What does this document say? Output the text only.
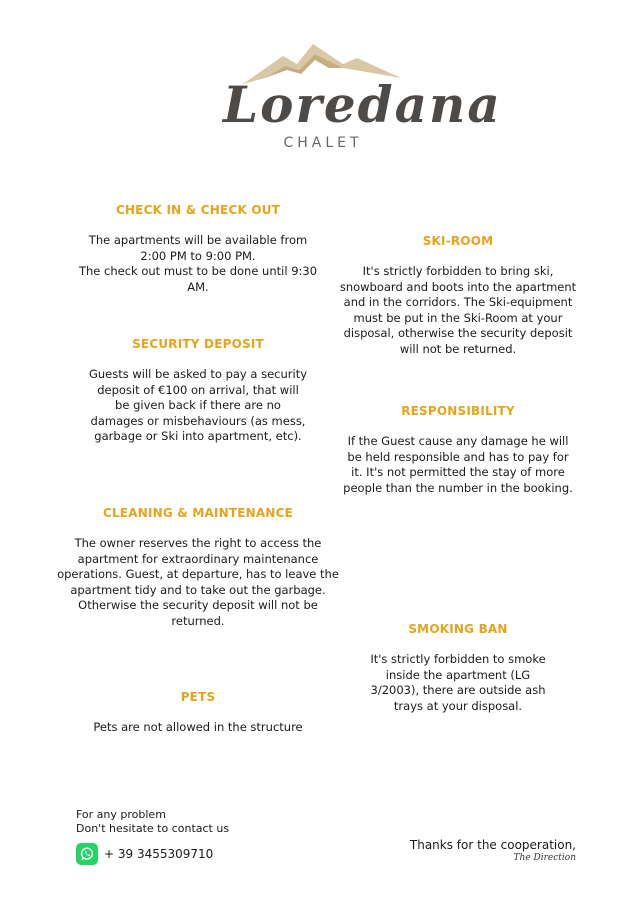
Loredana
CHALET
CHECK IN & CHECK OUT

The apartments will be available from
2:00 PM to 9:00 PM.
The check out must to be done until 9:30
AM.

SECURITY DEPOSIT

Guests will be asked to pay a security
deposit of €100 on arrival, that will
be given back if there are no
damages or misbehaviours (as mess,
garbage or Ski into apartment, etc).

CLEANING & MAINTENANCE

The owner reserves the right to access the
apartment for extraordinary maintenance
operations. Guest, at departure, has to leave the
apartment tidy and to take out the garbage.
Otherwise the security deposit will not be
returned.

PETS

Pets are not allowed in the structure

SKI-ROOM

It's strictly forbidden to bring ski,
snowboard and boots into the apartment
and in the corridors. The Ski-equipment
must be put in the Ski-Room at your
disposal, otherwise the security deposit
will not be returned.

RESPONSIBILITY

If the Guest cause any damage he will
be held responsible and has to pay for
it. It's not permitted the stay of more
people than the number in the booking.

SMOKING BAN

It's strictly forbidden to smoke
inside the apartment (LG
3/2003), there are outside ash
trays at your disposal.

For any problem
Don't hesitate to contact us
+ 39 3455309710
Thanks for the cooperation,
The Direction
